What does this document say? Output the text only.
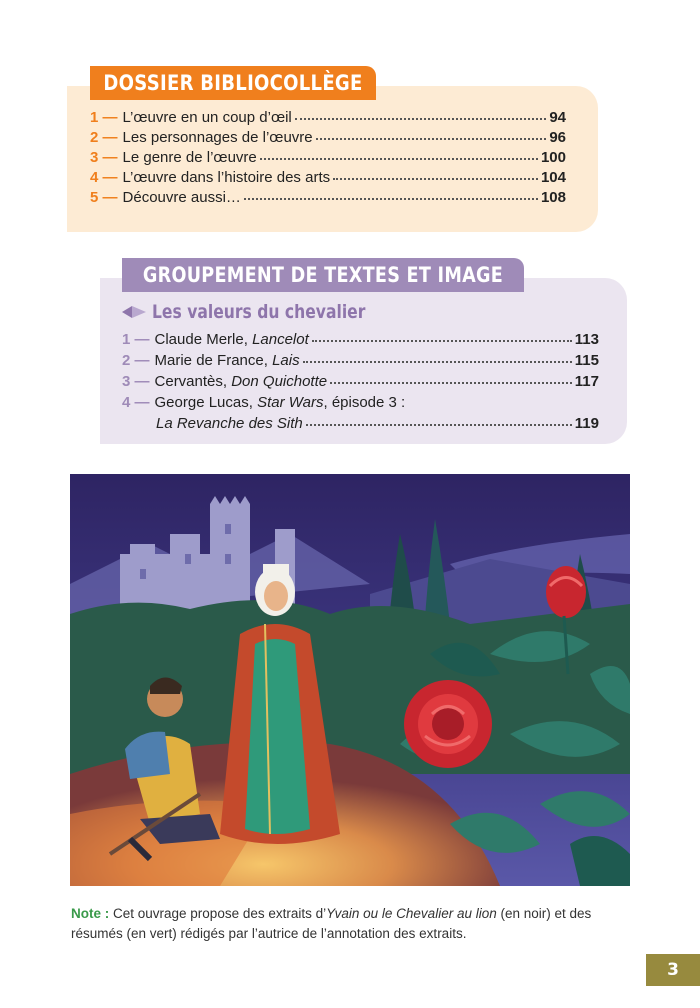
DOSSIER BIBLIOCOLLÈGE
1 — L’œuvre en un coup d’œil	94
2 — Les personnages de l’œuvre	96
3 — Le genre de l’œuvre	100
4 — L’œuvre dans l’histoire des arts	104
5 — Découvre aussi…	108
GROUPEMENT DE TEXTES ET IMAGE
Les valeurs du chevalier
1 — Claude Merle, Lancelot	113
2 — Marie de France, Lais	115
3 — Cervantès, Don Quichotte	117
4 — George Lucas, Star Wars, épisode 3 :
La Revanche des Sith	119
Note : Cet ouvrage propose des extraits d’Yvain ou le Chevalier au lion (en noir) et des résumés (en vert) rédigés par l’autrice de l’annotation des extraits.
3
